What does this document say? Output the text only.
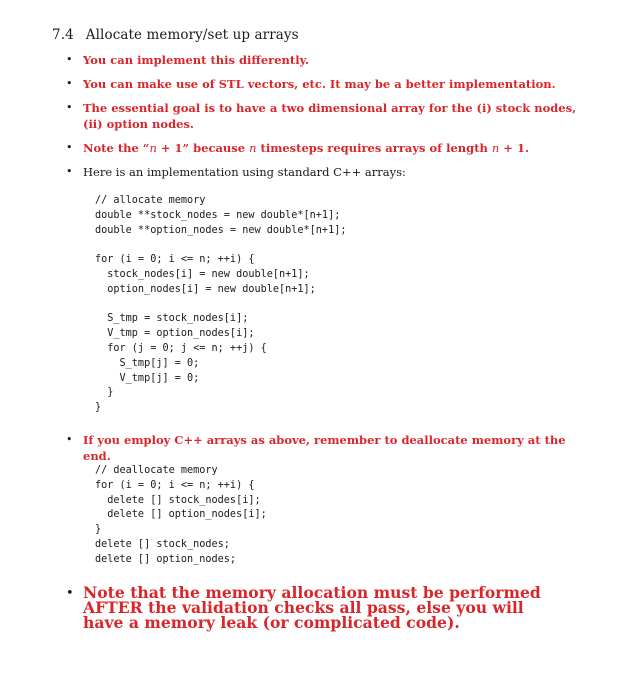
7.4 Allocate memory/set up arrays
• You can implement this differently.
• You can make use of STL vectors, etc. It may be a better implementation.
• The essential goal is to have a two dimensional array for the (i) stock nodes, (ii) option nodes.
• Note the “n + 1” because n timesteps requires arrays of length n + 1.
• Here is an implementation using standard C++ arrays:
// allocate memory
double **stock_nodes = new double*[n+1];
double **option_nodes = new double*[n+1];
for (i = 0; i <= n; ++i) {
stock_nodes[i] = new double[n+1];
option_nodes[i] = new double[n+1];
S_tmp = stock_nodes[i];
V_tmp = option_nodes[i];
for (j = 0; j <= n; ++j) {
S_tmp[j] = 0;
V_tmp[j] = 0;
}
}
• If you employ C++ arrays as above, remember to deallocate memory at the end.
// deallocate memory
for (i = 0; i <= n; ++i) {
delete [] stock_nodes[i];
delete [] option_nodes[i];
}
delete [] stock_nodes;
delete [] option_nodes;
• Note that the memory allocation must be performed AFTER the validation checks all pass, else you will have a memory leak (or complicated code).
